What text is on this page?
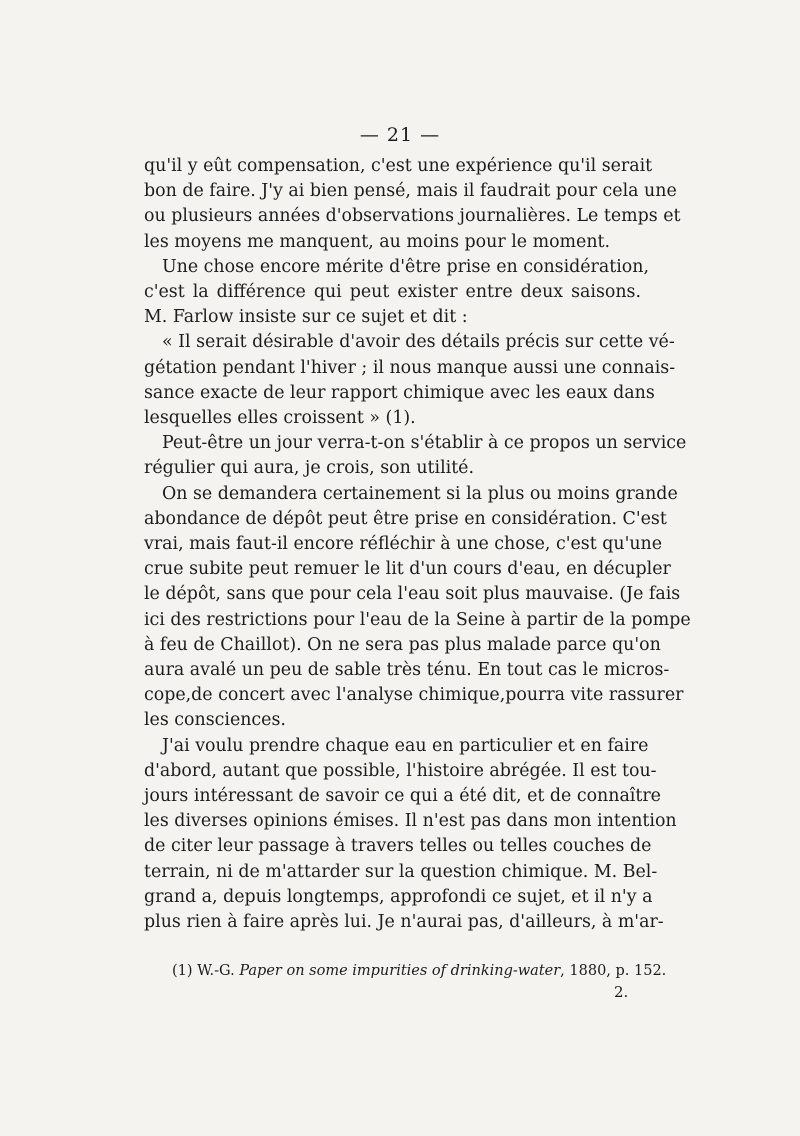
— 21 —
qu'il y eût compensation, c'est une expérience qu'il serait
bon de faire. J'y ai bien pensé, mais il faudrait pour cela une
ou plusieurs années d'observations journalières. Le temps et
les moyens me manquent, au moins pour le moment.
Une chose encore mérite d'être prise en considération,
c'est la différence qui peut exister entre deux saisons.
M. Farlow insiste sur ce sujet et dit :
« Il serait désirable d'avoir des détails précis sur cette vé-
gétation pendant l'hiver ; il nous manque aussi une connais-
sance exacte de leur rapport chimique avec les eaux dans
lesquelles elles croissent » (1).
Peut-être un jour verra-t-on s'établir à ce propos un service
régulier qui aura, je crois, son utilité.
On se demandera certainement si la plus ou moins grande
abondance de dépôt peut être prise en considération. C'est
vrai, mais faut-il encore réfléchir à une chose, c'est qu'une
crue subite peut remuer le lit d'un cours d'eau, en décupler
le dépôt, sans que pour cela l'eau soit plus mauvaise. (Je fais
ici des restrictions pour l'eau de la Seine à partir de la pompe
à feu de Chaillot). On ne sera pas plus malade parce qu'on
aura avalé un peu de sable très ténu. En tout cas le micros-
cope,de concert avec l'analyse chimique,pourra vite rassurer
les consciences.
J'ai voulu prendre chaque eau en particulier et en faire
d'abord, autant que possible, l'histoire abrégée. Il est tou-
jours intéressant de savoir ce qui a été dit, et de connaître
les diverses opinions émises. Il n'est pas dans mon intention
de citer leur passage à travers telles ou telles couches de
terrain, ni de m'attarder sur la question chimique. M. Bel-
grand a, depuis longtemps, approfondi ce sujet, et il n'y a
plus rien à faire après lui. Je n'aurai pas, d'ailleurs, à m'ar-
(1) W.-G. Paper on some impurities of drinking-water, 1880, p. 152.
2.
